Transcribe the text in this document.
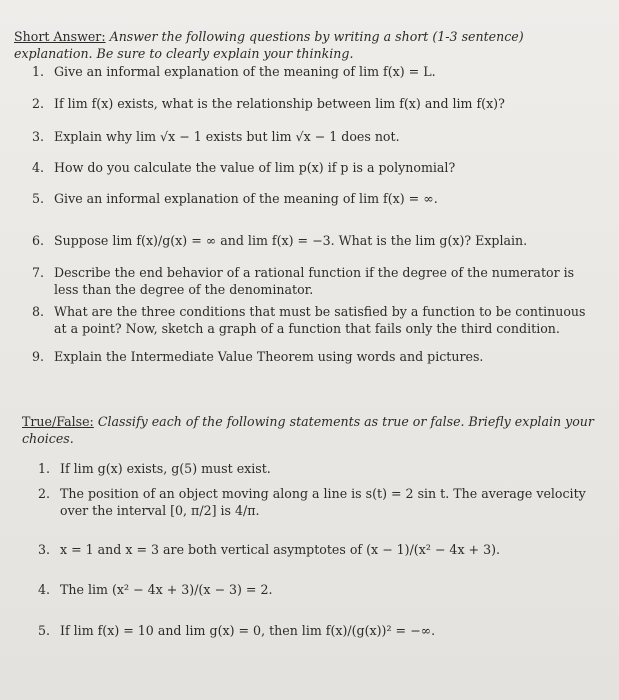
Short Answer: Answer the following questions by writing a short (1-3 sentence) explanation. Be sure to clearly explain your thinking.
1. Give an informal explanation of the meaning of lim f(x) = L.
2. If lim f(x) exists, what is the relationship between lim f(x) and lim f(x)?
3. Explain why lim √x − 1 exists but lim √x − 1 does not.
4. How do you calculate the value of lim p(x) if p is a polynomial?
5. Give an informal explanation of the meaning of lim f(x) = ∞.
6. Suppose lim f(x)/g(x) = ∞ and lim f(x) = −3. What is the lim g(x)? Explain.
7. Describe the end behavior of a rational function if the degree of the numerator is less than the degree of the denominator.
8. What are the three conditions that must be satisfied by a function to be continuous at a point? Now, sketch a graph of a function that fails only the third condition.
9. Explain the Intermediate Value Theorem using words and pictures.
True/False: Classify each of the following statements as true or false. Briefly explain your choices.
1. If lim g(x) exists, g(5) must exist.
2. The position of an object moving along a line is s(t) = 2 sin t. The average velocity over the interval [0, π/2] is 4/π.
3. x = 1 and x = 3 are both vertical asymptotes of (x − 1)/(x² − 4x + 3).
4. The lim (x² − 4x + 3)/(x − 3) = 2.
5. If lim f(x) = 10 and lim g(x) = 0, then lim f(x)/(g(x))² = −∞.
